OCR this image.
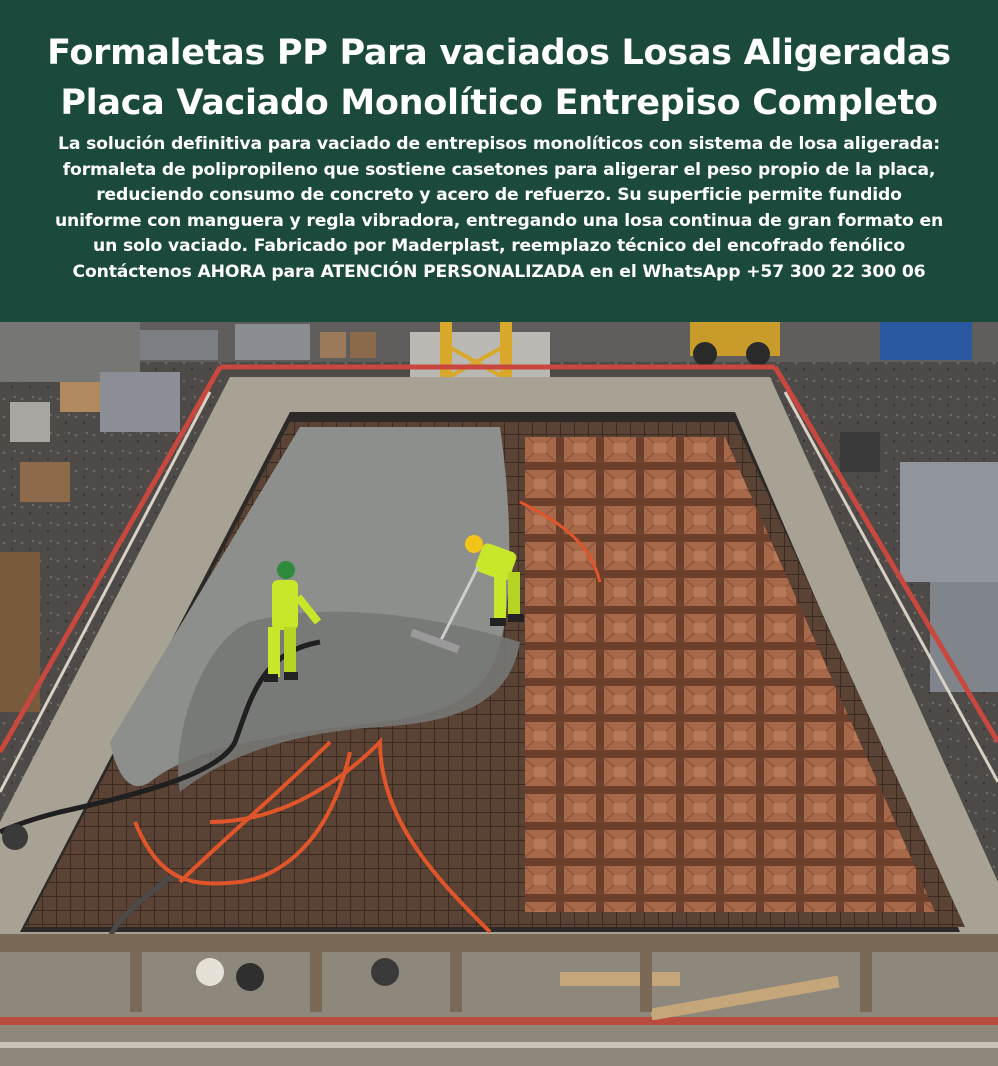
Formaletas PP Para vaciados Losas Aligeradas
Placa Vaciado Monolítico Entrepiso Completo
La solución definitiva para vaciado de entrepisos monolíticos con sistema de losa aligerada:
formaleta de polipropileno que sostiene casetones para aligerar el peso propio de la placa,
reduciendo consumo de concreto y acero de refuerzo. Su superficie permite fundido
uniforme con manguera y regla vibradora, entregando una losa continua de gran formato en
un solo vaciado. Fabricado por Maderplast, reemplazo técnico del encofrado fenólico
Contáctenos AHORA para ATENCIÓN PERSONALIZADA en el WhatsApp +57 300 22 300 06
